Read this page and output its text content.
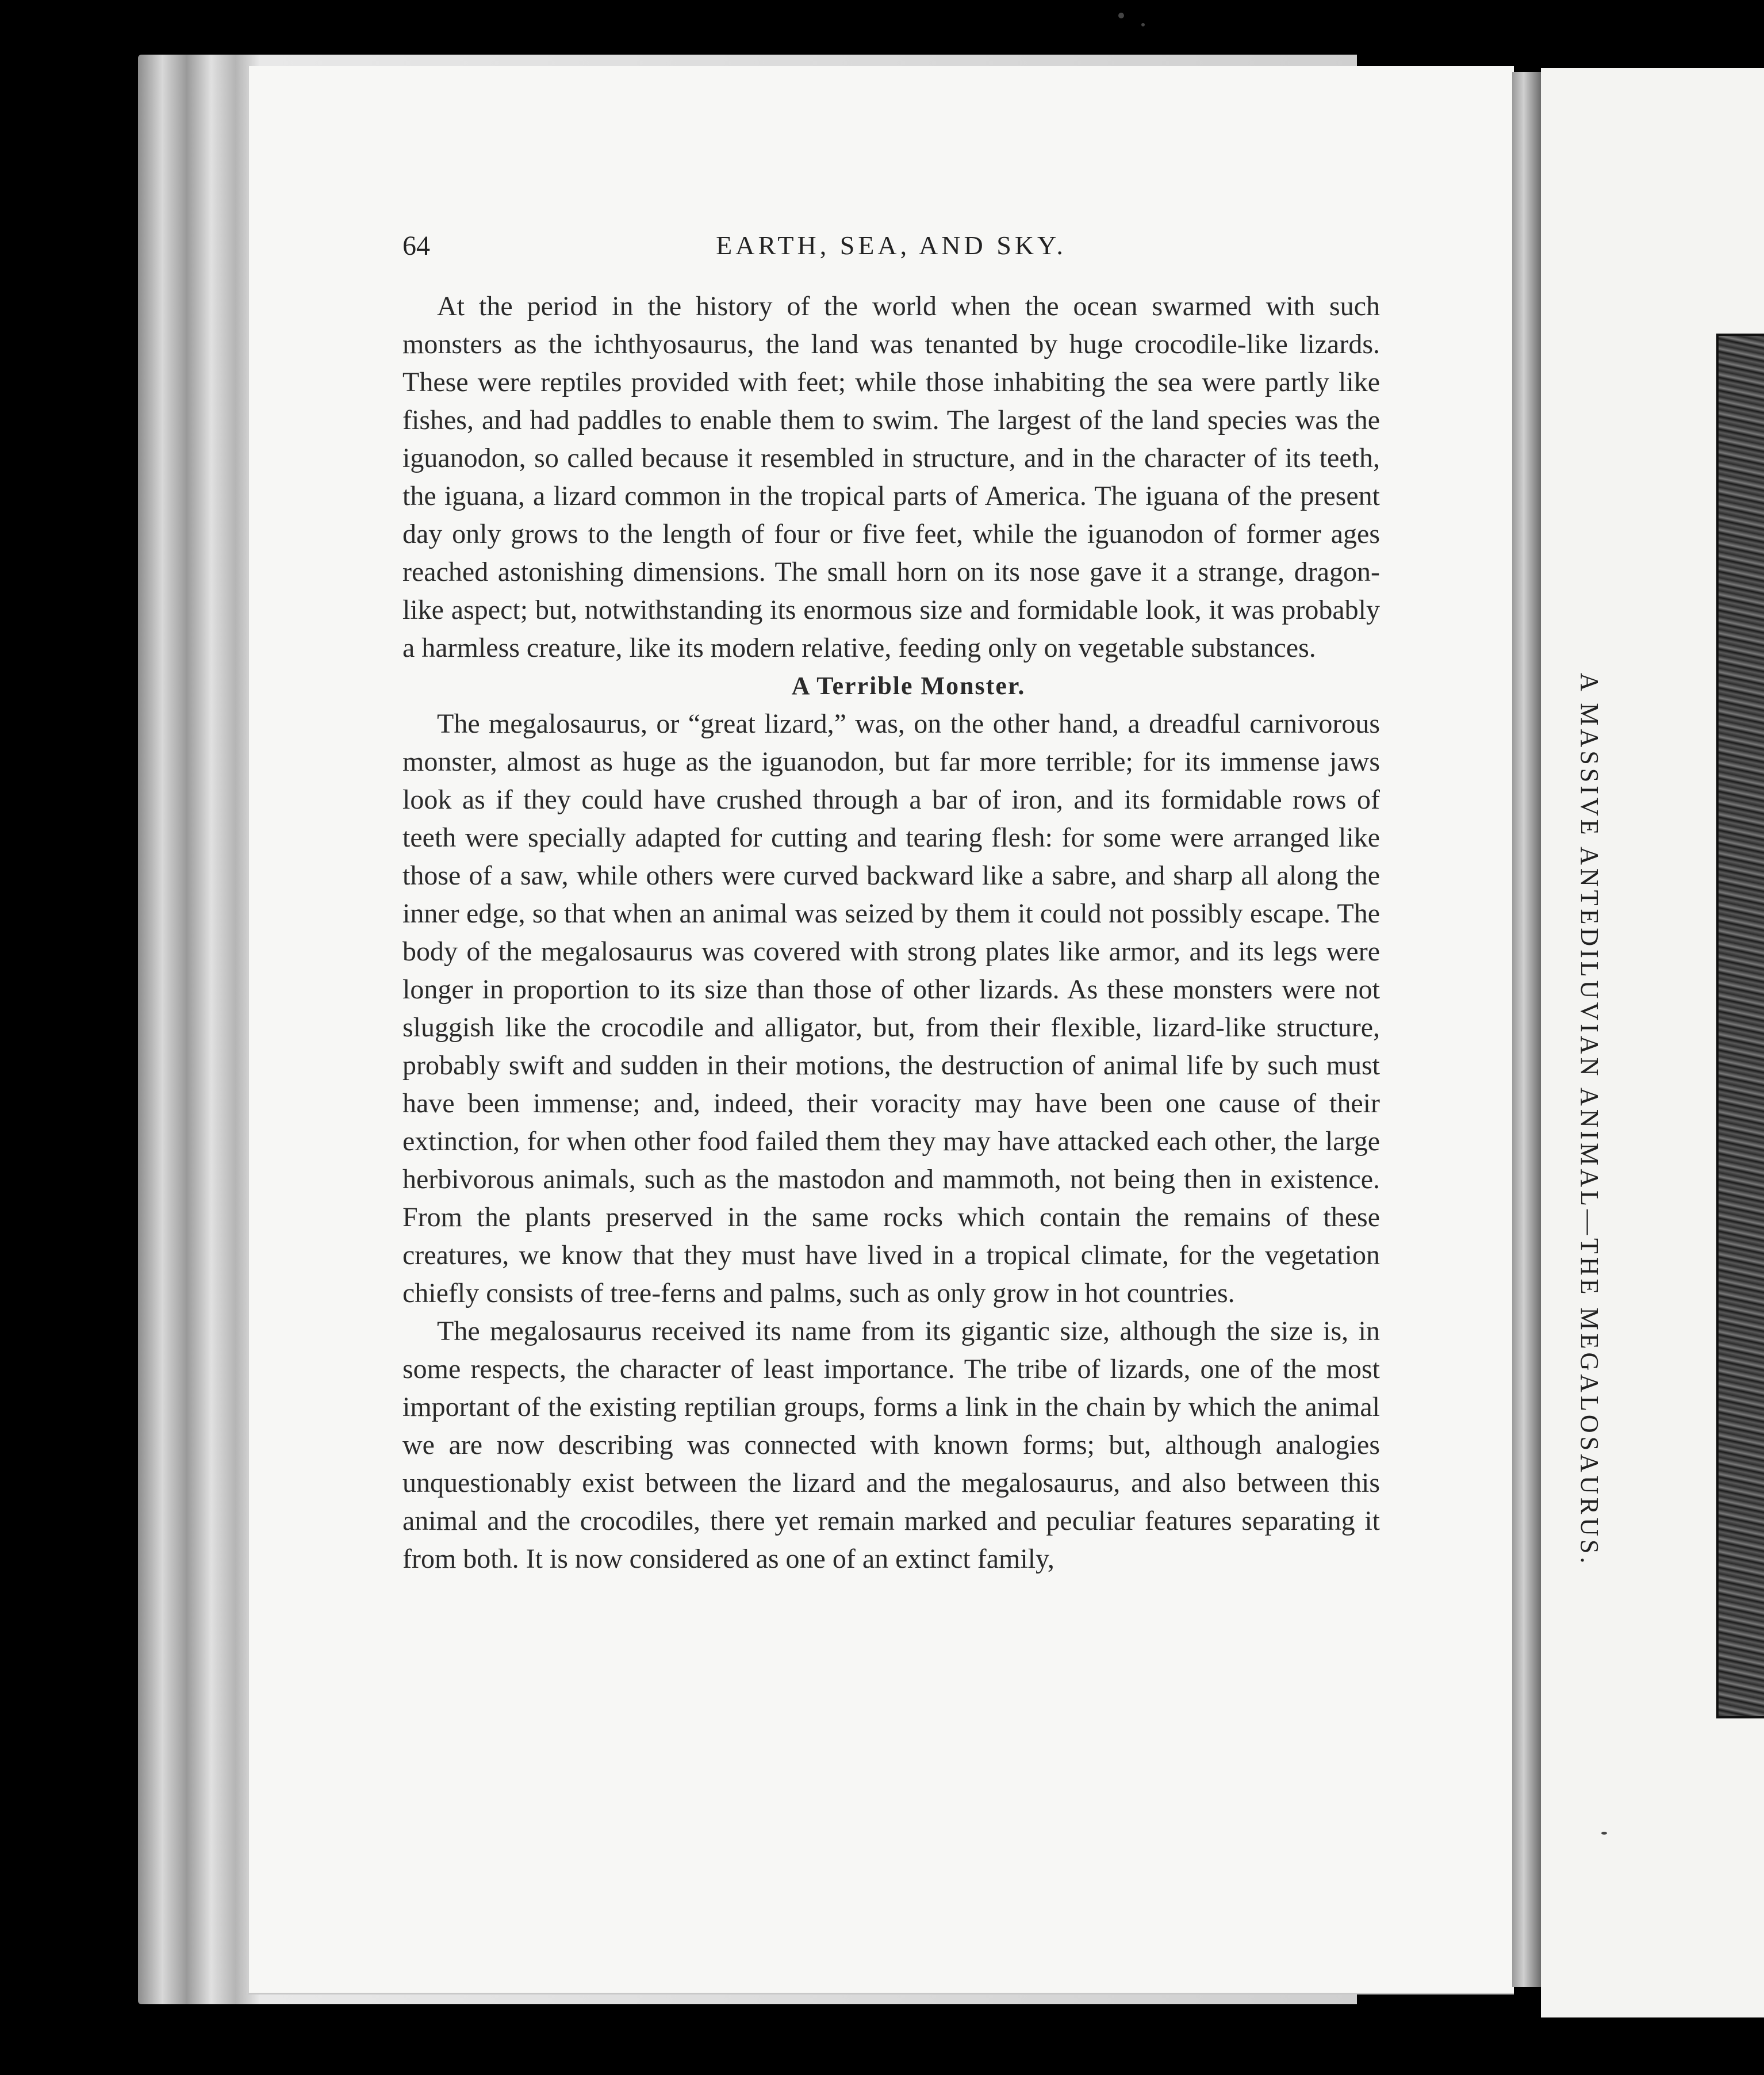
A MASSIVE ANTEDILUVIAN ANIMAL—THE MEGALOSAURUS.
64	EARTH, SEA, AND SKY.

At the period in the history of the world when the ocean swarmed with such monsters as the ichthyosaurus, the land was tenanted by huge crocodile-like lizards. These were reptiles provided with feet; while those inhabiting the sea were partly like fishes, and had paddles to enable them to swim. The largest of the land species was the iguanodon, so called because it resembled in structure, and in the character of its teeth, the iguana, a lizard common in the tropical parts of America. The iguana of the present day only grows to the length of four or five feet, while the iguanodon of former ages reached astonishing dimensions. The small horn on its nose gave it a strange, dragon-like aspect; but, notwithstanding its enormous size and formidable look, it was probably a harmless creature, like its modern relative, feeding only on vegetable substances.

A Terrible Monster.

The megalosaurus, or “great lizard,” was, on the other hand, a dreadful carnivorous monster, almost as huge as the iguanodon, but far more terrible; for its immense jaws look as if they could have crushed through a bar of iron, and its formidable rows of teeth were specially adapted for cutting and tearing flesh: for some were arranged like those of a saw, while others were curved backward like a sabre, and sharp all along the inner edge, so that when an animal was seized by them it could not possibly escape. The body of the megalosaurus was covered with strong plates like armor, and its legs were longer in proportion to its size than those of other lizards. As these monsters were not sluggish like the crocodile and alligator, but, from their flexible, lizard-like structure, probably swift and sudden in their motions, the destruction of animal life by such must have been immense; and, indeed, their voracity may have been one cause of their extinction, for when other food failed them they may have attacked each other, the large herbivorous animals, such as the mastodon and mammoth, not being then in existence. From the plants preserved in the same rocks which contain the remains of these creatures, we know that they must have lived in a tropical climate, for the vegetation chiefly consists of tree-ferns and palms, such as only grow in hot countries.

The megalosaurus received its name from its gigantic size, although the size is, in some respects, the character of least importance. The tribe of lizards, one of the most important of the existing reptilian groups, forms a link in the chain by which the animal we are now describing was connected with known forms; but, although analogies unquestionably exist between the lizard and the megalosaurus, and also between this animal and the crocodiles, there yet remain marked and peculiar features separating it from both. It is now considered as one of an extinct family,
